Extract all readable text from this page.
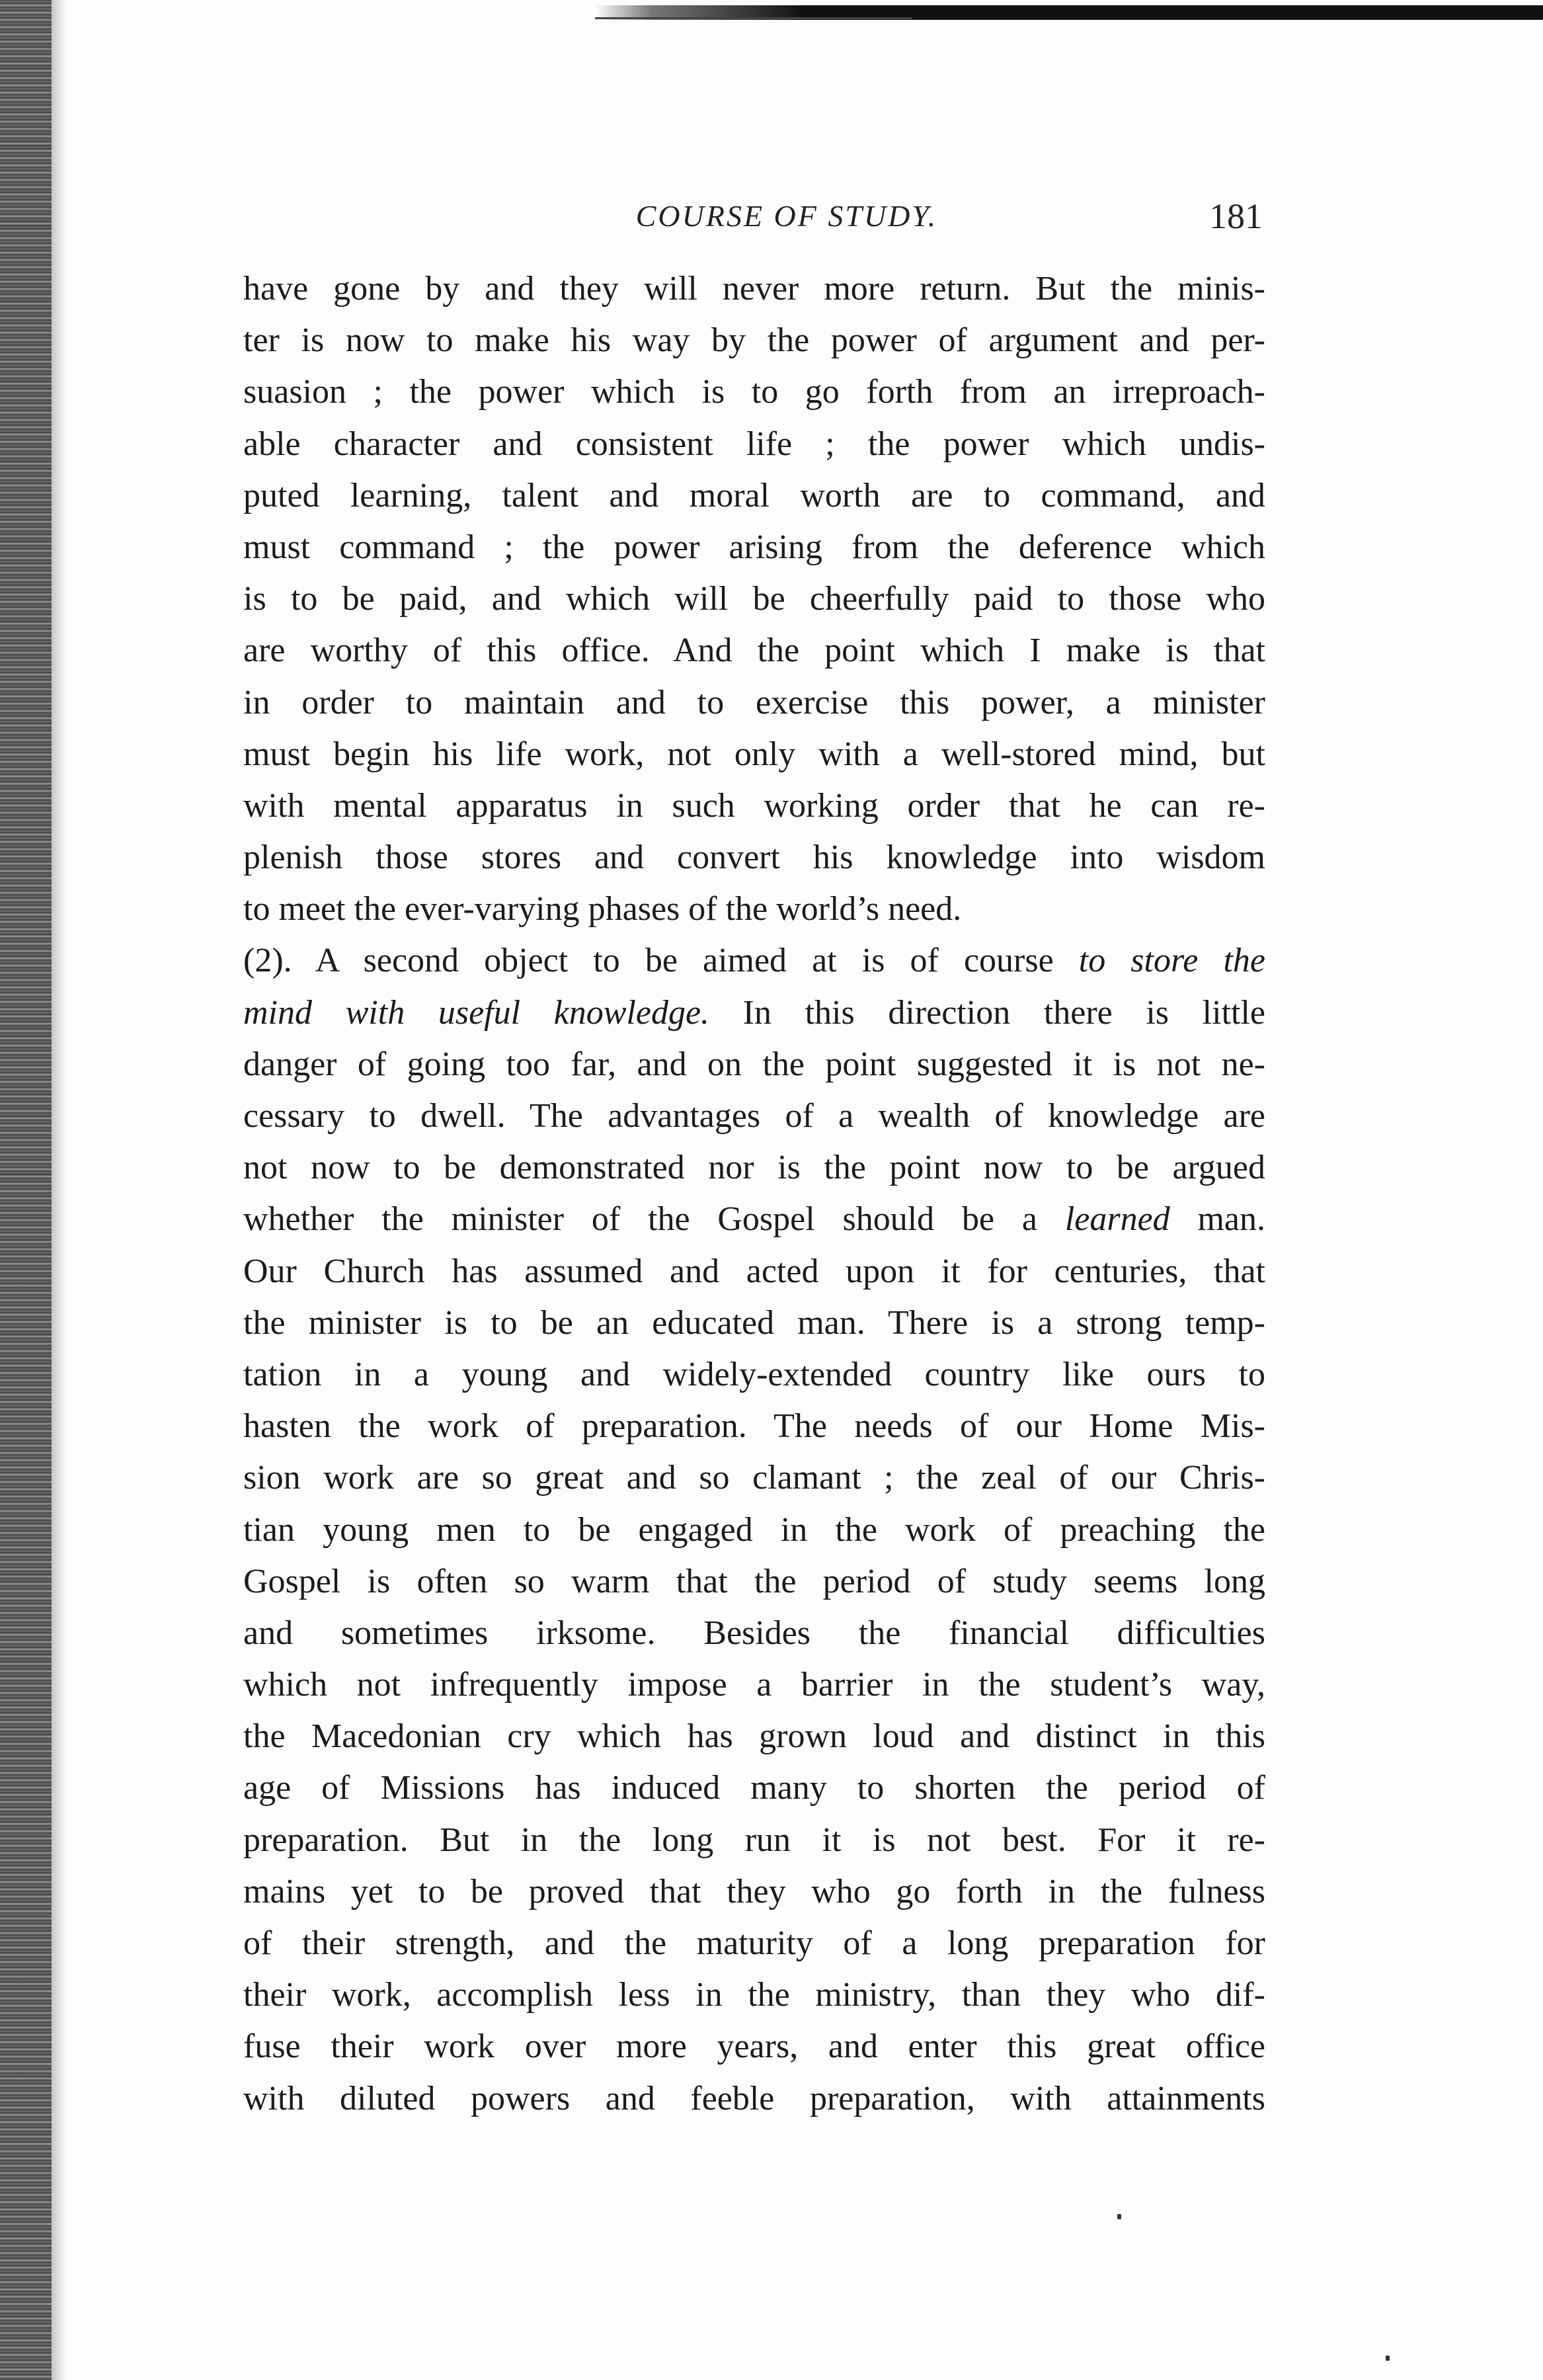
COURSE OF STUDY.	181
have gone by and they will never more return. But the minis-
ter is now to make his way by the power of argument and per-
suasion ; the power which is to go forth from an irreproach-
able character and consistent life ; the power which undis-
puted learning, talent and moral worth are to command, and
must command ; the power arising from the deference which
is to be paid, and which will be cheerfully paid to those who
are worthy of this office. And the point which I make is that
in order to maintain and to exercise this power, a minister
must begin his life work, not only with a well-stored mind, but
with mental apparatus in such working order that he can re-
plenish those stores and convert his knowledge into wisdom
to meet the ever-varying phases of the world’s need.
(2). A second object to be aimed at is of course to store the
mind with useful knowledge. In this direction there is little
danger of going too far, and on the point suggested it is not ne-
cessary to dwell. The advantages of a wealth of knowledge are
not now to be demonstrated nor is the point now to be argued
whether the minister of the Gospel should be a learned man.
Our Church has assumed and acted upon it for centuries, that
the minister is to be an educated man. There is a strong temp-
tation in a young and widely-extended country like ours to
hasten the work of preparation. The needs of our Home Mis-
sion work are so great and so clamant ; the zeal of our Chris-
tian young men to be engaged in the work of preaching the
Gospel is often so warm that the period of study seems long
and sometimes irksome. Besides the financial difficulties
which not infrequently impose a barrier in the student’s way,
the Macedonian cry which has grown loud and distinct in this
age of Missions has induced many to shorten the period of
preparation. But in the long run it is not best. For it re-
mains yet to be proved that they who go forth in the fulness
of their strength, and the maturity of a long preparation for
their work, accomplish less in the ministry, than they who dif-
fuse their work over more years, and enter this great office
with diluted powers and feeble preparation, with attainments
